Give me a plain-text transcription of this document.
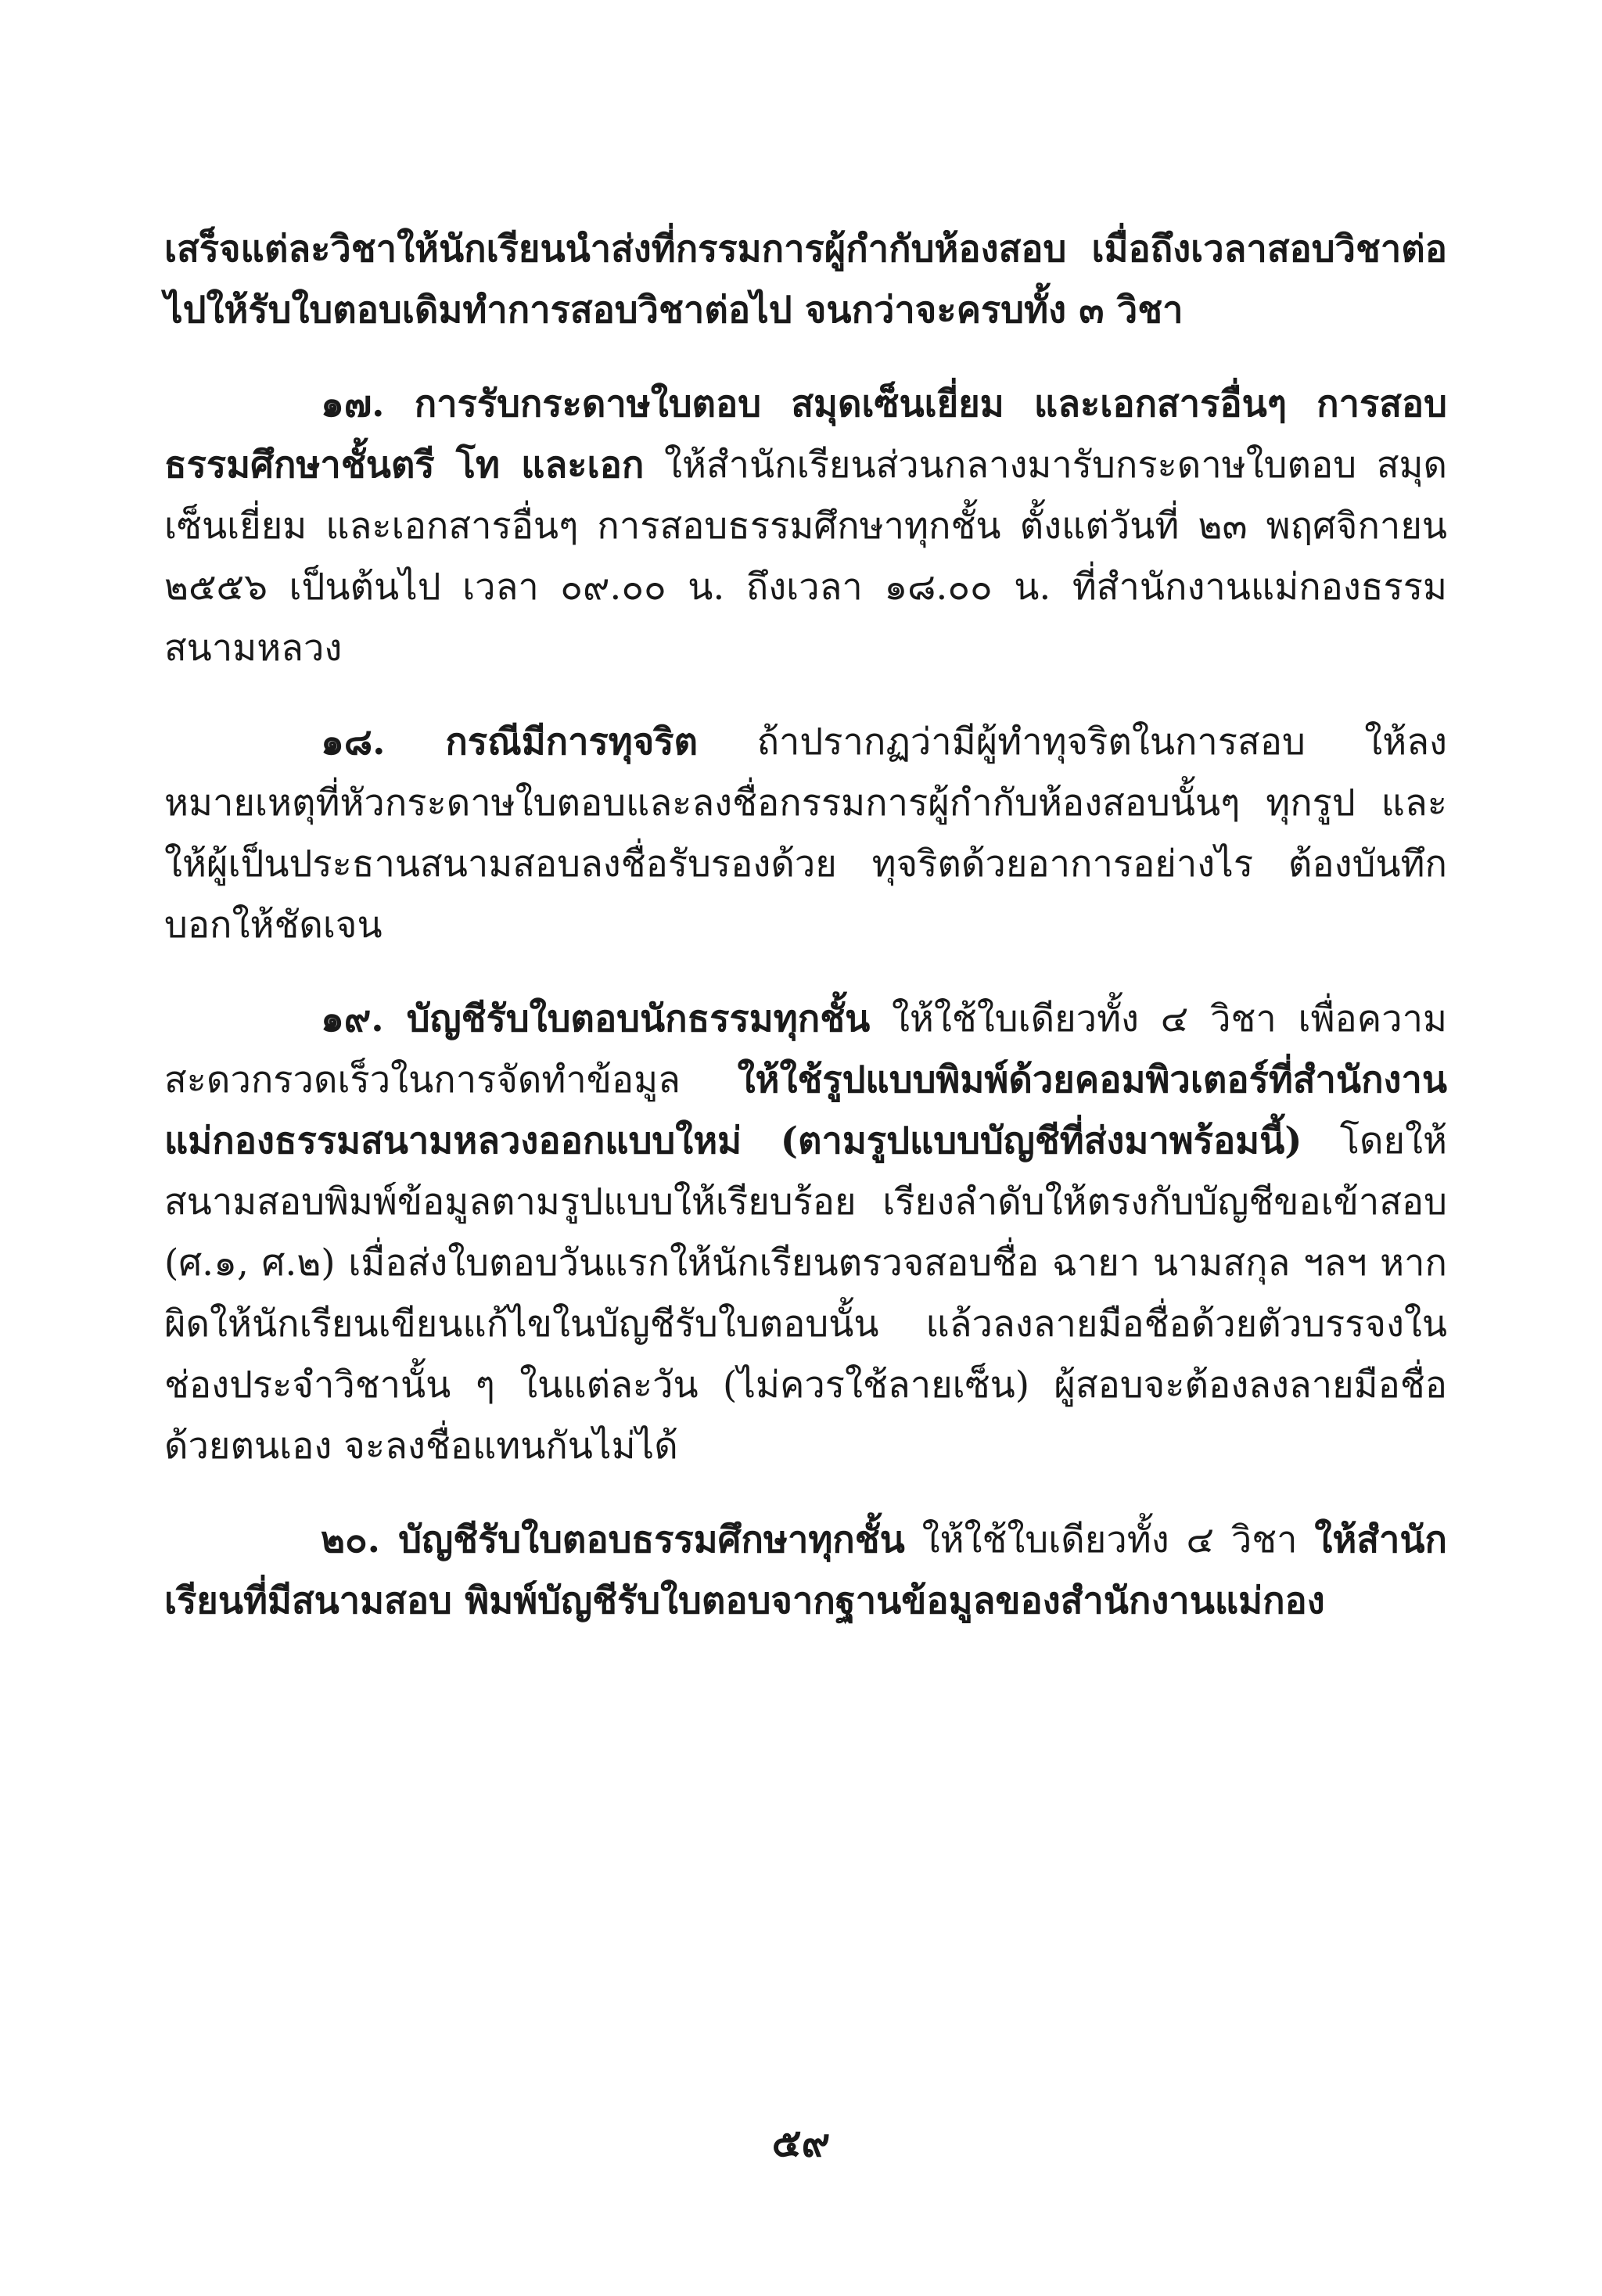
เสร็จแต่ละวิชาให้นักเรียนนำส่งที่กรรมการผู้กำกับห้องสอบ เมื่อถึงเวลาสอบวิชาต่อไปให้รับใบตอบเดิมทำการสอบวิชาต่อไป จนกว่าจะครบทั้ง ๓ วิชา

๑๗. การรับกระดาษใบตอบ สมุดเซ็นเยี่ยม และเอกสารอื่นๆ การสอบธรรมศึกษาชั้นตรี โท และเอก ให้สำนักเรียนส่วนกลางมารับกระดาษใบตอบ สมุดเซ็นเยี่ยม และเอกสารอื่นๆ การสอบธรรมศึกษาทุกชั้น ตั้งแต่วันที่ ๒๓ พฤศจิกายน ๒๕๕๖ เป็นต้นไป เวลา ๐๙.๐๐ น. ถึงเวลา ๑๘.๐๐ น. ที่สำนักงานแม่กองธรรมสนามหลวง

๑๘. กรณีมีการทุจริต ถ้าปรากฏว่ามีผู้ทำทุจริตในการสอบ ให้ลงหมายเหตุที่หัวกระดาษใบตอบและลงชื่อกรรมการผู้กำกับห้องสอบนั้นๆ ทุกรูป และให้ผู้เป็นประธานสนามสอบลงชื่อรับรองด้วย ทุจริตด้วยอาการอย่างไร ต้องบันทึกบอกให้ชัดเจน

๑๙. บัญชีรับใบตอบนักธรรมทุกชั้น ให้ใช้ใบเดียวทั้ง ๔ วิชา เพื่อความสะดวกรวดเร็วในการจัดทำข้อมูล ให้ใช้รูปแบบพิมพ์ด้วยคอมพิวเตอร์ที่สำนักงานแม่กองธรรมสนามหลวงออกแบบใหม่ (ตามรูปแบบบัญชีที่ส่งมาพร้อมนี้) โดยให้สนามสอบพิมพ์ข้อมูลตามรูปแบบให้เรียบร้อย เรียงลำดับให้ตรงกับบัญชีขอเข้าสอบ (ศ.๑, ศ.๒) เมื่อส่งใบตอบวันแรกให้นักเรียนตรวจสอบชื่อ ฉายา นามสกุล ฯลฯ หากผิดให้นักเรียนเขียนแก้ไขในบัญชีรับใบตอบนั้น แล้วลงลายมือชื่อด้วยตัวบรรจงในช่องประจำวิชานั้น ๆ ในแต่ละวัน (ไม่ควรใช้ลายเซ็น) ผู้สอบจะต้องลงลายมือชื่อด้วยตนเอง จะลงชื่อแทนกันไม่ได้

๒๐. บัญชีรับใบตอบธรรมศึกษาทุกชั้น ให้ใช้ใบเดียวทั้ง ๔ วิชา ให้สำนักเรียนที่มีสนามสอบ พิมพ์บัญชีรับใบตอบจากฐานข้อมูลของสำนักงานแม่กอง

๕๙
